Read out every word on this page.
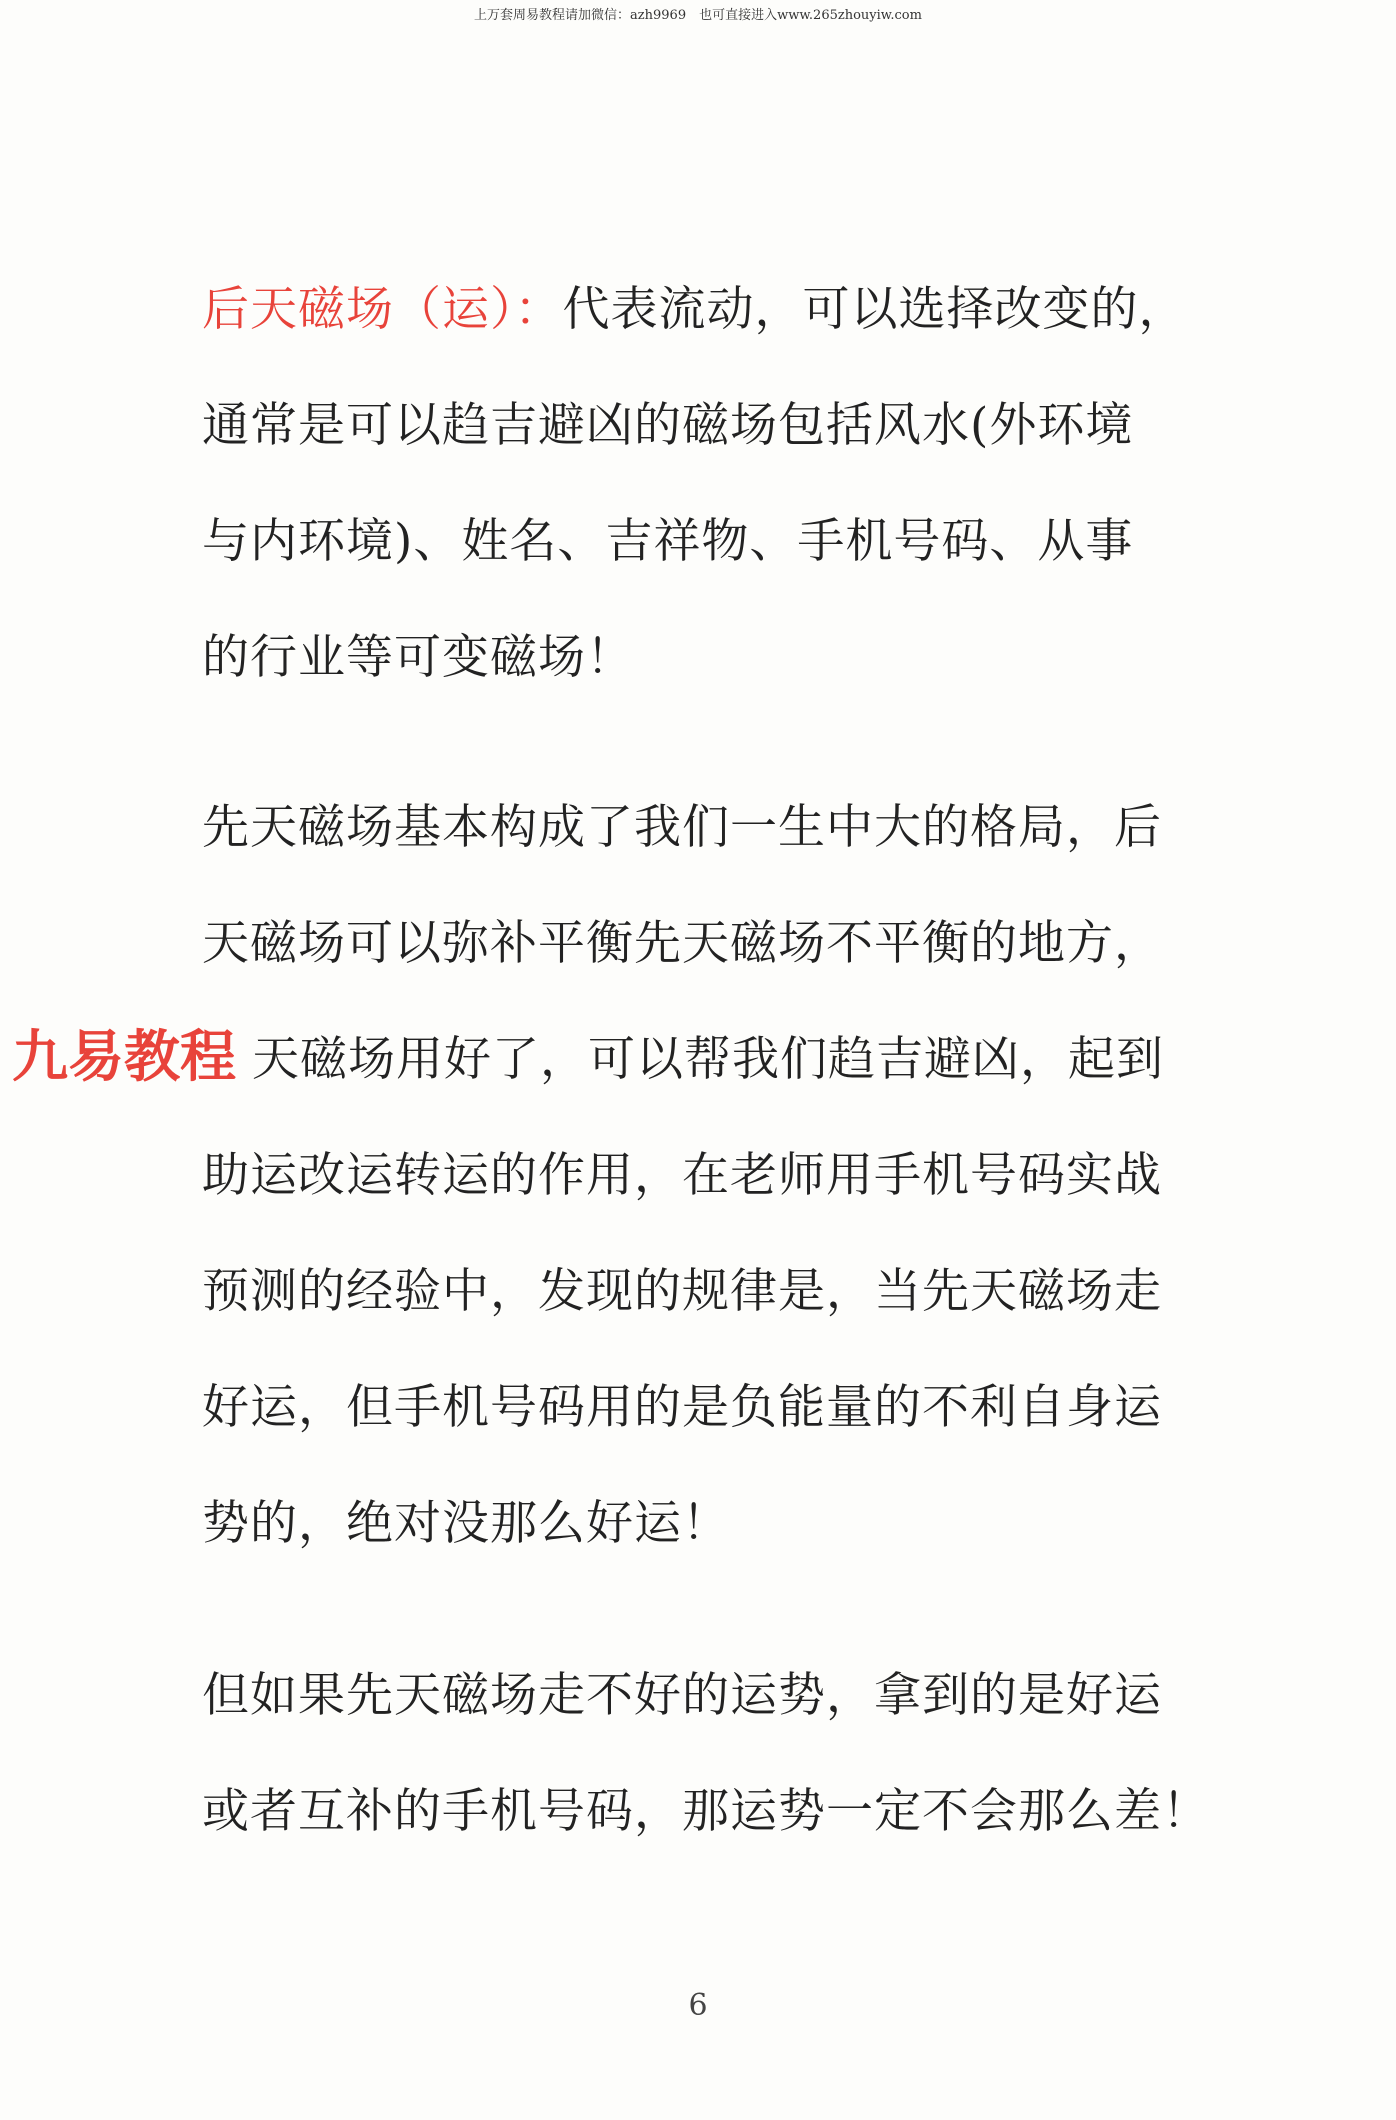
上万套周易教程请加微信：azh9969　也可直接进入www.265zhouyiw.com
后天磁场（运）：代表流动，可以选择改变的，
通常是可以趋吉避凶的磁场包括风水(外环境
与内环境)、姓名、吉祥物、手机号码、从事
的行业等可变磁场！
先天磁场基本构成了我们一生中大的格局，后
天磁场可以弥补平衡先天磁场不平衡的地方，
天磁场用好了，可以帮我们趋吉避凶，起到
助运改运转运的作用，在老师用手机号码实战
预测的经验中，发现的规律是，当先天磁场走
好运，但手机号码用的是负能量的不利自身运
势的，绝对没那么好运！
但如果先天磁场走不好的运势，拿到的是好运
或者互补的手机号码，那运势一定不会那么差！
九易教程
6
